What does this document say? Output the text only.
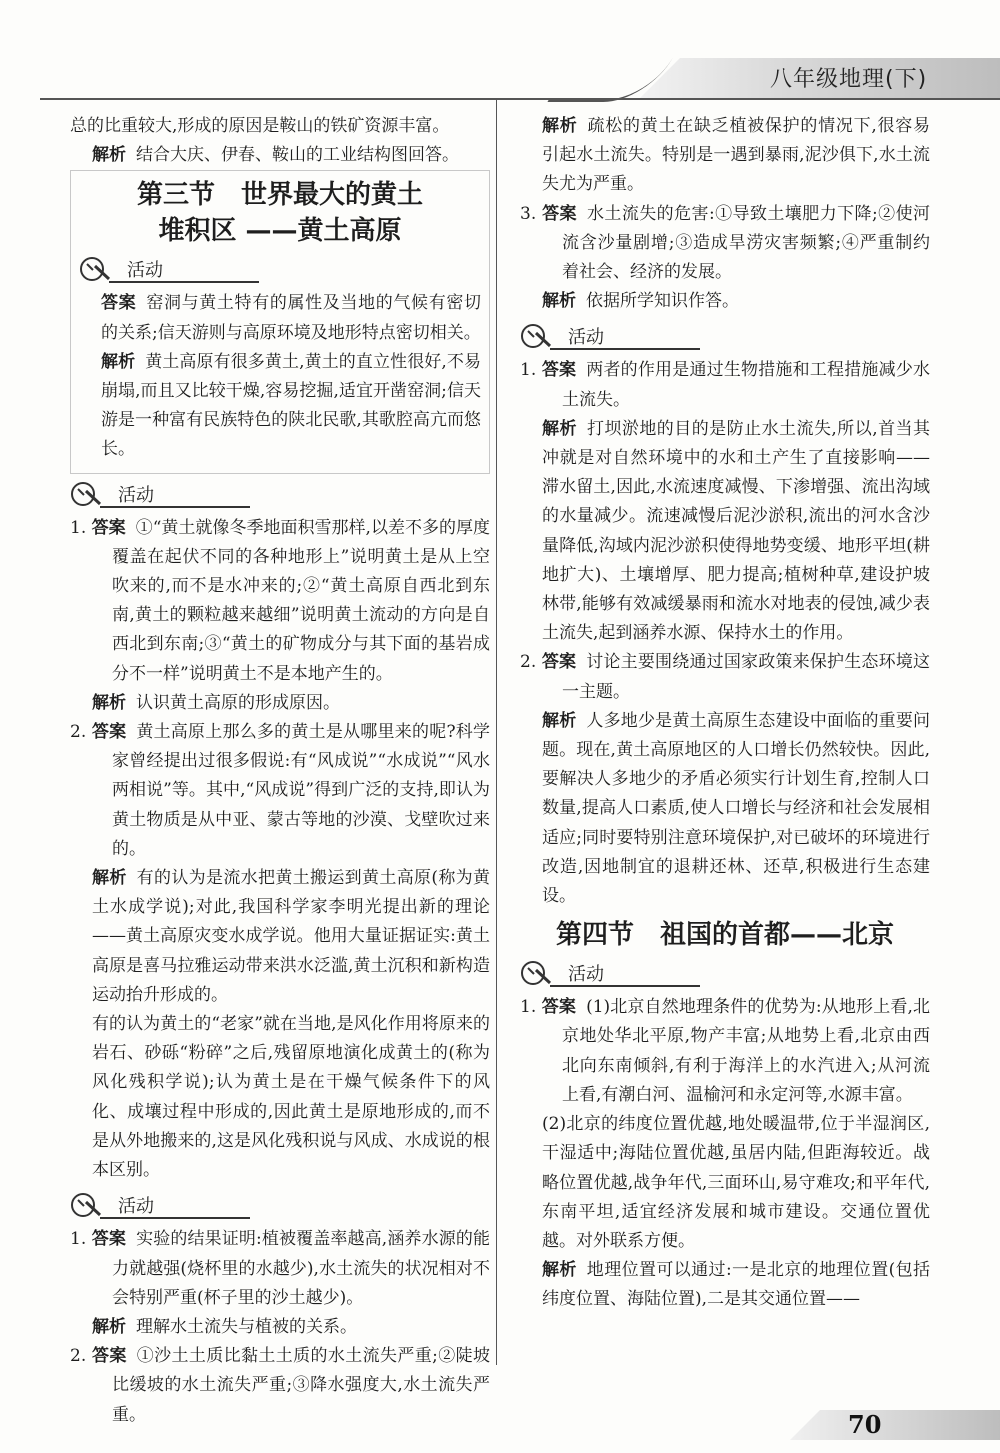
八年级地理(下)

总的比重较大,形成的原因是鞍山的铁矿资源丰富。

解析 结合大庆、伊春、鞍山的工业结构图回答。

第三节　世界最大的黄土

堆积区 ——黄土高原

活动

答案 窑洞与黄土特有的属性及当地的气候有密切的关系;信天游则与高原环境及地形特点密切相关。

解析 黄土高原有很多黄土,黄土的直立性很好,不易崩塌,而且又比较干燥,容易挖掘,适宜开凿窑洞;信天游是一种富有民族特色的陕北民歌,其歌腔高亢而悠长。

活动

1. 答案 ①“黄土就像冬季地面积雪那样,以差不多的厚度覆盖在起伏不同的各种地形上”说明黄土是从上空吹来的,而不是水冲来的;②“黄土高原自西北到东南,黄土的颗粒越来越细”说明黄土流动的方向是自西北到东南;③“黄土的矿物成分与其下面的基岩成分不一样”说明黄土不是本地产生的。

解析 认识黄土高原的形成原因。

2. 答案 黄土高原上那么多的黄土是从哪里来的呢?科学家曾经提出过很多假说:有“风成说”“水成说”“风水两相说”等。其中,“风成说”得到广泛的支持,即认为黄土物质是从中亚、蒙古等地的沙漠、戈壁吹过来的。

解析 有的认为是流水把黄土搬运到黄土高原(称为黄土水成学说);对此,我国科学家李明光提出新的理论——黄土高原灾变水成学说。他用大量证据证实:黄土高原是喜马拉雅运动带来洪水泛滥,黄土沉积和新构造运动抬升形成的。

有的认为黄土的“老家”就在当地,是风化作用将原来的岩石、砂砾“粉碎”之后,残留原地演化成黄土的(称为风化残积学说);认为黄土是在干燥气候条件下的风化、成壤过程中形成的,因此黄土是原地形成的,而不是从外地搬来的,这是风化残积说与风成、水成说的根本区别。

活动

1. 答案 实验的结果证明:植被覆盖率越高,涵养水源的能力就越强(烧杯里的水越少),水土流失的状况相对不会特别严重(杯子里的沙土越少)。

解析 理解水土流失与植被的关系。

2. 答案 ①沙土土质比黏土土质的水土流失严重;②陡坡比缓坡的水土流失严重;③降水强度大,水土流失严重。

解析 疏松的黄土在缺乏植被保护的情况下,很容易引起水土流失。特别是一遇到暴雨,泥沙俱下,水土流失尤为严重。

3. 答案 水土流失的危害:①导致土壤肥力下降;②使河流含沙量剧增;③造成旱涝灾害频繁;④严重制约着社会、经济的发展。

解析 依据所学知识作答。

活动

1. 答案 两者的作用是通过生物措施和工程措施减少水土流失。

解析 打坝淤地的目的是防止水土流失,所以,首当其冲就是对自然环境中的水和土产生了直接影响——滞水留土,因此,水流速度减慢、下渗增强、流出沟域的水量减少。流速减慢后泥沙淤积,流出的河水含沙量降低,沟域内泥沙淤积使得地势变缓、地形平坦(耕地扩大)、土壤增厚、肥力提高;植树种草,建设护坡林带,能够有效减缓暴雨和流水对地表的侵蚀,减少表土流失,起到涵养水源、保持水土的作用。

2. 答案 讨论主要围绕通过国家政策来保护生态环境这一主题。

解析 人多地少是黄土高原生态建设中面临的重要问题。现在,黄土高原地区的人口增长仍然较快。因此,要解决人多地少的矛盾必须实行计划生育,控制人口数量,提高人口素质,使人口增长与经济和社会发展相适应;同时要特别注意环境保护,对已破坏的环境进行改造,因地制宜的退耕还林、还草,积极进行生态建设。

第四节　祖国的首都——北京

活动

1. 答案 (1)北京自然地理条件的优势为:从地形上看,北京地处华北平原,物产丰富;从地势上看,北京由西北向东南倾斜,有利于海洋上的水汽进入;从河流上看,有潮白河、温榆河和永定河等,水源丰富。

(2)北京的纬度位置优越,地处暖温带,位于半湿润区,干湿适中;海陆位置优越,虽居内陆,但距海较近。战略位置优越,战争年代,三面环山,易守难攻;和平年代,东南平坦,适宜经济发展和城市建设。交通位置优越。对外联系方便。

解析 地理位置可以通过:一是北京的地理位置(包括纬度位置、海陆位置),二是其交通位置——

70
